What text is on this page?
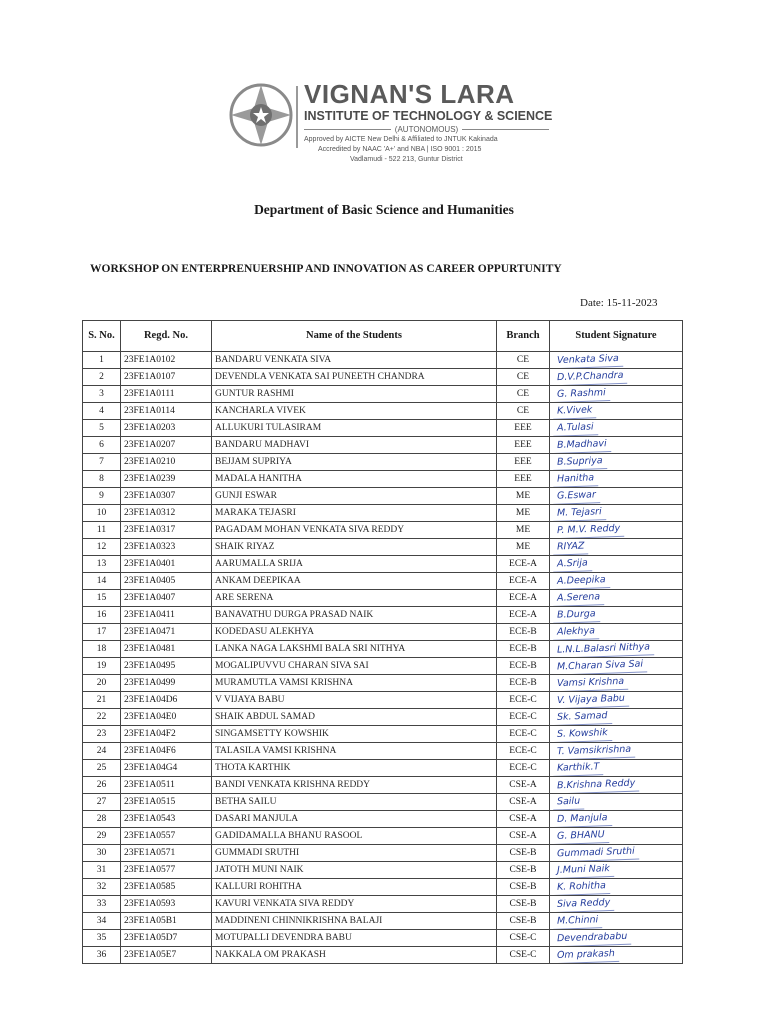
VIGNAN'S LARA
INSTITUTE OF TECHNOLOGY & SCIENCE
(AUTONOMOUS)
Approved by AICTE New Delhi & Affiliated to JNTUK Kakinada
Accredited by NAAC 'A+' and NBA | ISO 9001 : 2015
Vadlamudi - 522 213, Guntur District
Department of Basic Science and Humanities
WORKSHOP ON ENTERPRENUERSHIP AND INNOVATION AS CAREER OPPURTUNITY
Date: 15-11-2023
S. No.	Regd. No.	Name of the Students	Branch	Student Signature
1	23FE1A0102	BANDARU VENKATA SIVA	CE	Venkata Siva
2	23FE1A0107	DEVENDLA VENKATA SAI PUNEETH CHANDRA	CE	D.V.P.Chandra
3	23FE1A0111	GUNTUR RASHMI	CE	G. Rashmi
4	23FE1A0114	KANCHARLA VIVEK	CE	K.Vivek
5	23FE1A0203	ALLUKURI TULASIRAM	EEE	A.Tulasi
6	23FE1A0207	BANDARU MADHAVI	EEE	B.Madhavi
7	23FE1A0210	BEJJAM SUPRIYA	EEE	B.Supriya
8	23FE1A0239	MADALA HANITHA	EEE	Hanitha
9	23FE1A0307	GUNJI ESWAR	ME	G.Eswar
10	23FE1A0312	MARAKA TEJASRI	ME	M. Tejasri
11	23FE1A0317	PAGADAM MOHAN VENKATA SIVA REDDY	ME	P. M.V. Reddy
12	23FE1A0323	SHAIK RIYAZ	ME	RIYAZ
13	23FE1A0401	AARUMALLA SRIJA	ECE-A	A.Srija
14	23FE1A0405	ANKAM DEEPIKAA	ECE-A	A.Deepika
15	23FE1A0407	ARE SERENA	ECE-A	A.Serena
16	23FE1A0411	BANAVATHU DURGA PRASAD NAIK	ECE-A	B.Durga
17	23FE1A0471	KODEDASU ALEKHYA	ECE-B	Alekhya
18	23FE1A0481	LANKA NAGA LAKSHMI BALA SRI NITHYA	ECE-B	L.N.L.Balasri Nithya
19	23FE1A0495	MOGALIPUVVU CHARAN SIVA SAI	ECE-B	M.Charan Siva Sai
20	23FE1A0499	MURAMUTLA VAMSI KRISHNA	ECE-B	Vamsi Krishna
21	23FE1A04D6	V VIJAYA BABU	ECE-C	V. Vijaya Babu
22	23FE1A04E0	SHAIK ABDUL SAMAD	ECE-C	Sk. Samad
23	23FE1A04F2	SINGAMSETTY KOWSHIK	ECE-C	S. Kowshik
24	23FE1A04F6	TALASILA VAMSI KRISHNA	ECE-C	T. Vamsikrishna
25	23FE1A04G4	THOTA KARTHIK	ECE-C	Karthik.T
26	23FE1A0511	BANDI VENKATA KRISHNA REDDY	CSE-A	B.Krishna Reddy
27	23FE1A0515	BETHA SAILU	CSE-A	Sailu
28	23FE1A0543	DASARI MANJULA	CSE-A	D. Manjula
29	23FE1A0557	GADIDAMALLA BHANU RASOOL	CSE-A	G. BHANU
30	23FE1A0571	GUMMADI SRUTHI	CSE-B	Gummadi Sruthi
31	23FE1A0577	JATOTH MUNI NAIK	CSE-B	J.Muni Naik
32	23FE1A0585	KALLURI ROHITHA	CSE-B	K. Rohitha
33	23FE1A0593	KAVURI VENKATA SIVA REDDY	CSE-B	Siva Reddy
34	23FE1A05B1	MADDINENI CHINNIKRISHNA BALAJI	CSE-B	M.Chinni
35	23FE1A05D7	MOTUPALLI DEVENDRA BABU	CSE-C	Devendrababu
36	23FE1A05E7	NAKKALA OM PRAKASH	CSE-C	Om prakash
